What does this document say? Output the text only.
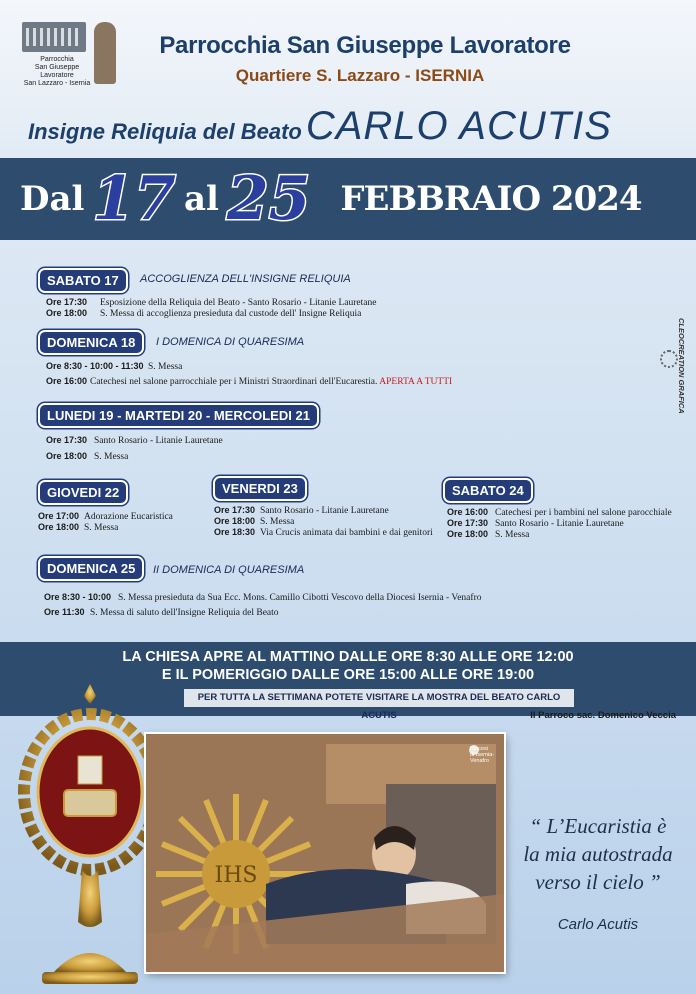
Parrocchia
San Giuseppe Lavoratore
San Lazzaro - Isernia
Parrocchia San Giuseppe Lavoratore
Quartiere S. Lazzaro - ISERNIA
Insigne Reliquia del Beato CARLO ACUTIS
Dal 17 al 25 FEBBRAIO 2024
SABATO 17	ACCOGLIENZA DELL'INSIGNE RELIQUIA
Ore 17:30 Esposizione della Reliquia del Beato - Santo Rosario - Litanie Lauretane
Ore 18:00 S. Messa di accoglienza presieduta dal custode dell' Insigne Reliquia
DOMENICA 18	I DOMENICA DI QUARESIMA
Ore 8:30 - 10:00 - 11:30 S. Messa
Ore 16:00 Catechesi nel salone parrocchiale per i Ministri Straordinari dell'Eucarestia. APERTA A TUTTI
LUNEDI 19 - MARTEDI 20 - MERCOLEDI 21
Ore 17:30 Santo Rosario - Litanie Lauretane
Ore 18:00 S. Messa
GIOVEDI 22
Ore 17:00 Adorazione Eucaristica
Ore 18:00 S. Messa
VENERDI 23
Ore 17:30 Santo Rosario - Litanie Lauretane
Ore 18:00 S. Messa
Ore 18:30 Via Crucis animata dai bambini e dai genitori
SABATO 24
Ore 16:00 Catechesi per i bambini nel salone parocchiale
Ore 17:30 Santo Rosario - Litanie Lauretane
Ore 18:00 S. Messa
DOMENICA 25	II DOMENICA DI QUARESIMA
Ore 8:30 - 10:00 S. Messa presieduta da Sua Ecc. Mons. Camillo Cibotti Vescovo della Diocesi Isernia - Venafro
Ore 11:30 S. Messa di saluto dell'Insigne Reliquia del Beato
CLEOCREATION GRAFICA
LA CHIESA APRE AL MATTINO DALLE ORE 8:30 ALLE ORE 12:00
E IL POMERIGGIO DALLE ORE 15:00 ALLE ORE 19:00
PER TUTTA LA SETTIMANA POTETE VISITARE LA MOSTRA DEL BEATO CARLO ACUTIS	Il Parroco sac. Domenico Veccia
IHS
Diocesi
di Isernia-Venafro
“ L’Eucaristia è
la mia autostrada
verso il cielo ”
Carlo Acutis
